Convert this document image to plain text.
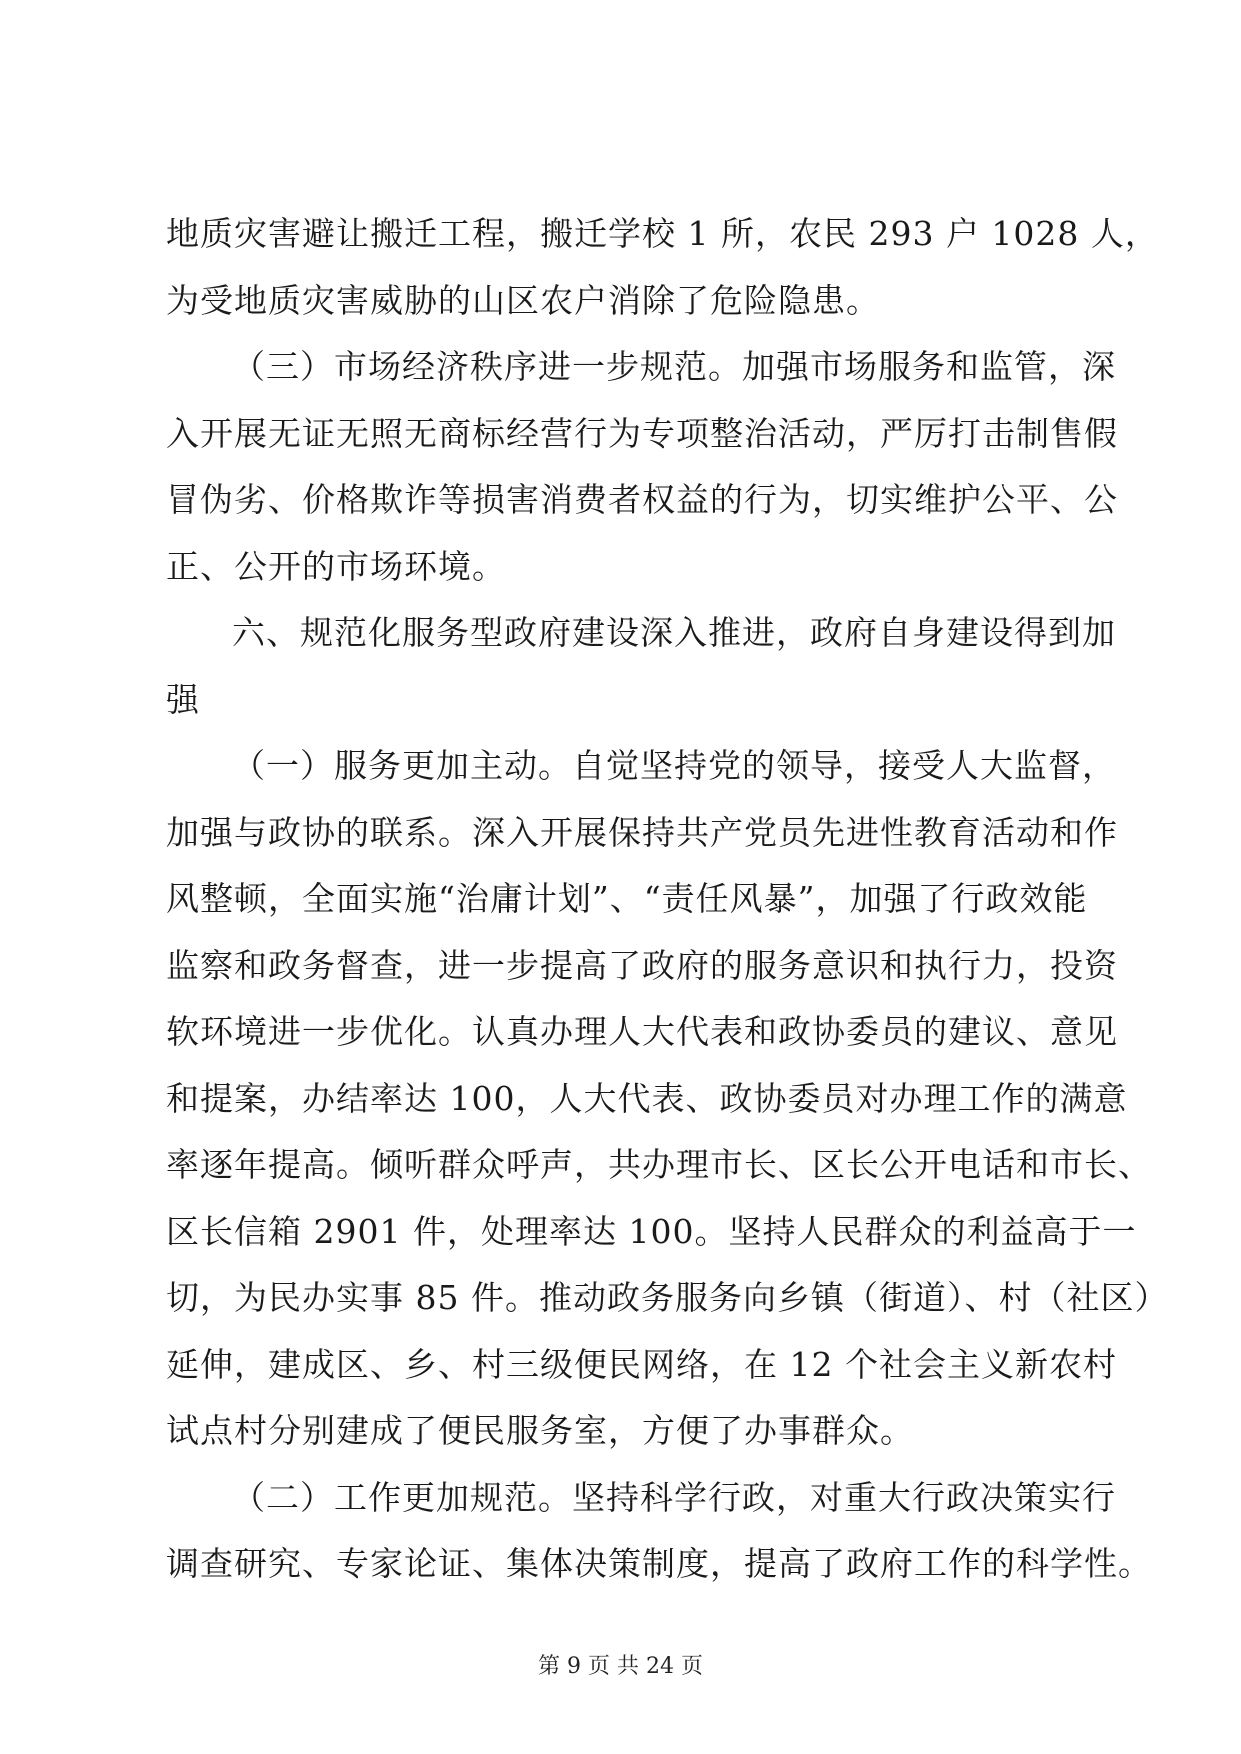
地质灾害避让搬迁工程，搬迁学校 1 所，农民 293 户 1028 人，
为受地质灾害威胁的山区农户消除了危险隐患。
（三）市场经济秩序进一步规范。加强市场服务和监管，深
入开展无证无照无商标经营行为专项整治活动，严厉打击制售假
冒伪劣、价格欺诈等损害消费者权益的行为，切实维护公平、公
正、公开的市场环境。
六、规范化服务型政府建设深入推进，政府自身建设得到加
强
（一）服务更加主动。自觉坚持党的领导，接受人大监督，
加强与政协的联系。深入开展保持共产党员先进性教育活动和作
风整顿，全面实施“治庸计划”、“责任风暴”，加强了行政效能
监察和政务督查，进一步提高了政府的服务意识和执行力，投资
软环境进一步优化。认真办理人大代表和政协委员的建议、意见
和提案，办结率达 100，人大代表、政协委员对办理工作的满意
率逐年提高。倾听群众呼声，共办理市长、区长公开电话和市长、
区长信箱 2901 件，处理率达 100。坚持人民群众的利益高于一
切，为民办实事 85 件。推动政务服务向乡镇（街道）、村（社区）
延伸，建成区、乡、村三级便民网络，在 12 个社会主义新农村
试点村分别建成了便民服务室，方便了办事群众。
（二）工作更加规范。坚持科学行政，对重大行政决策实行
调查研究、专家论证、集体决策制度，提高了政府工作的科学性。
第 9 页 共 24 页
